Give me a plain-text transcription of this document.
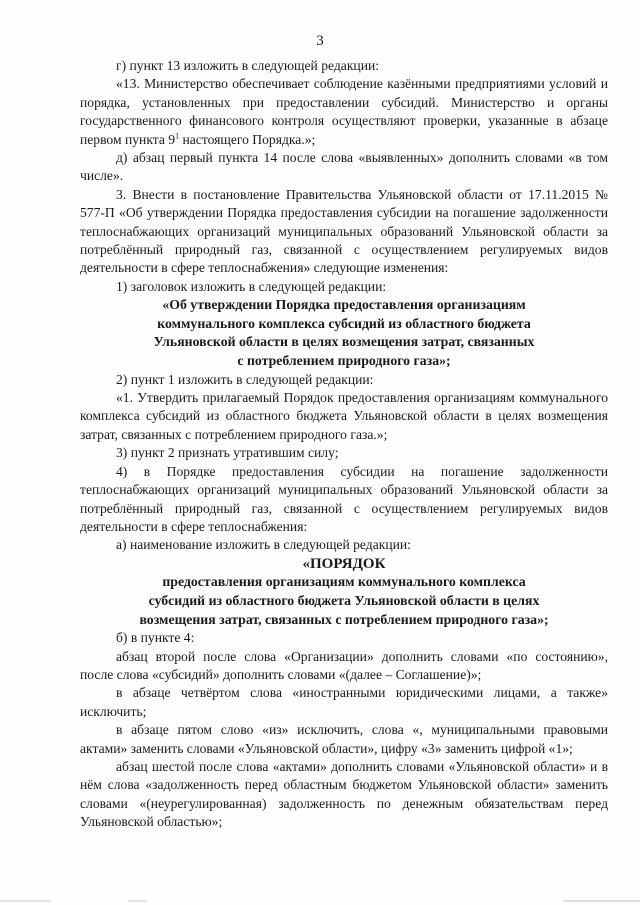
3

г) пункт 13 изложить в следующей редакции:

«13. Министерство обеспечивает соблюдение казёнными предприятиями условий и порядка, установленных при предоставлении субсидий. Министерство и органы государственного финансового контроля осуществляют проверки, указанные в абзаце первом пункта $9^1$ настоящего Порядка.»;

д) абзац первый пункта 14 после слова «выявленных» дополнить словами «в том числе».

3. Внести в постановление Правительства Ульяновской области от 17.11.2015 № 577-П «Об утверждении Порядка предоставления субсидии на погашение задолженности теплоснабжающих организаций муниципальных образований Ульяновской области за потреблённый природный газ, связанной с осуществлением регулируемых видов деятельности в сфере теплоснабжения» следующие изменения:

1) заголовок изложить в следующей редакции:

«Об утверждении Порядка предоставления организациям

коммунального комплекса субсидий из областного бюджета

Ульяновской области в целях возмещения затрат, связанных

с потреблением природного газа»;

2) пункт 1 изложить в следующей редакции:

«1. Утвердить прилагаемый Порядок предоставления организациям коммунального комплекса субсидий из областного бюджета Ульяновской области в целях возмещения затрат, связанных с потреблением природного газа.»;

3) пункт 2 признать утратившим силу;

4) в Порядке предоставления субсидии на погашение задолженности теплоснабжающих организаций муниципальных образований Ульяновской области за потреблённый природный газ, связанной с осуществлением регулируемых видов деятельности в сфере теплоснабжения:

а) наименование изложить в следующей редакции:

«ПОРЯДОК

предоставления организациям коммунального комплекса

субсидий из областного бюджета Ульяновской области в целях

возмещения затрат, связанных с потреблением природного газа»;

б) в пункте 4:

абзац второй после слова «Организации» дополнить словами «по состоянию», после слова «субсидий» дополнить словами «(далее – Соглашение)»;

в абзаце четвёртом слова «иностранными юридическими лицами, а также» исключить;

в абзаце пятом слово «из» исключить, слова «, муниципальными правовыми актами» заменить словами «Ульяновской области», цифру «3» заменить цифрой «1»;

абзац шестой после слова «актами» дополнить словами «Ульяновской области» и в нём слова «задолженность перед областным бюджетом Ульяновской области» заменить словами «(неурегулированная) задолженность по денежным обязательствам перед Ульяновской областью»;
